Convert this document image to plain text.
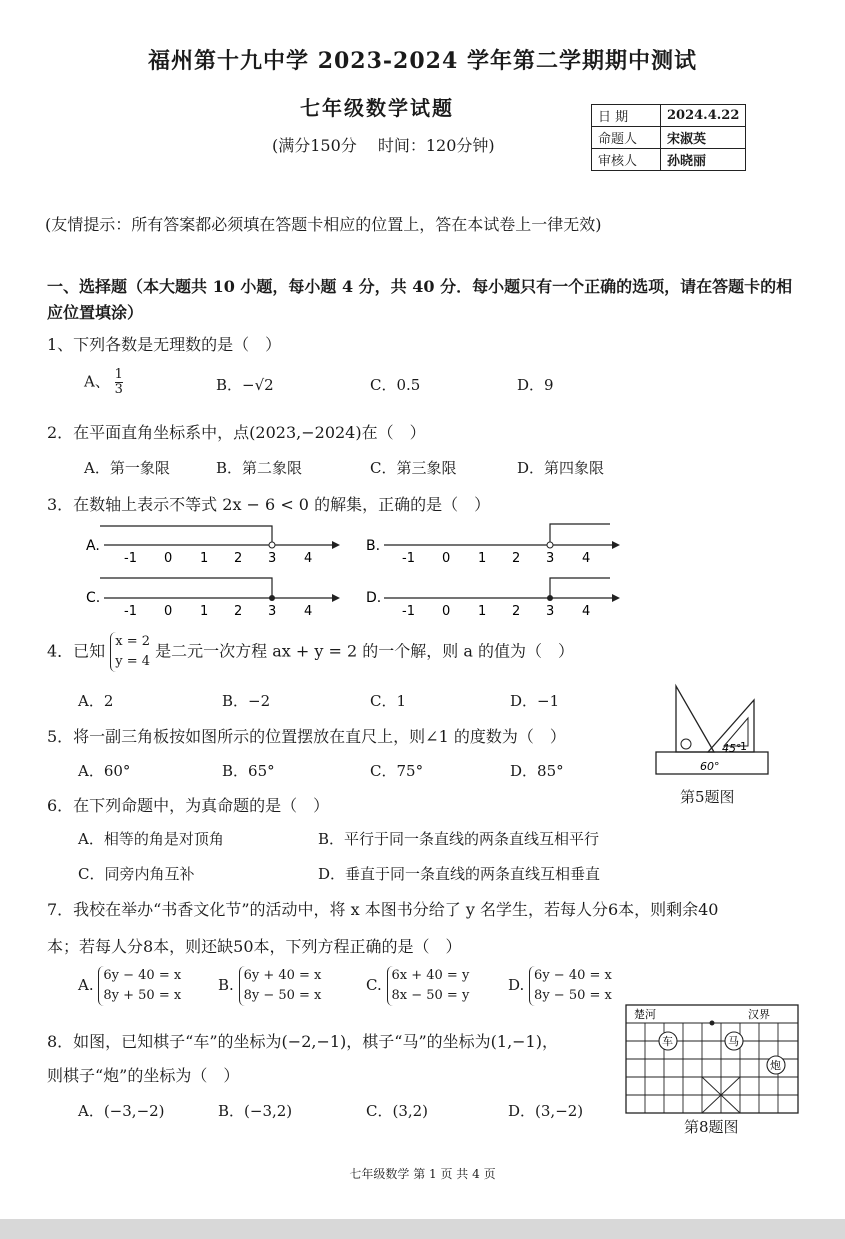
福州第十九中学 2023-2024 学年第二学期期中测试
七年级数学试题
(满分150分　 时间：120分钟)
日 期	2024.4.22
命题人	宋淑英
审核人	孙晓丽
(友情提示：所有答案都必须填在答题卡相应的位置上，答在本试卷上一律无效)
一、选择题（本大题共 10 小题，每小题 4 分，共 40 分．每小题只有一个正确的选项，请在答题卡的相应位置填涂）
1、下列各数是无理数的是（　）
A、 $\frac{1}{3}$	B．−√2	C．0.5	D．9
2．在平面直角坐标系中，点(2023,−2024)在（　）
A．第一象限	B．第二象限	C．第三象限	D．第四象限
3．在数轴上表示不等式 2x − 6 < 0 的解集，正确的是（　）
A.
-1 0 1 2 3 4
B.
-1 0 1 2 3 4
C.
-1 0 1 2 3 4
D.
-1 0 1 2 3 4
4．已知 x = 2
y = 4 是二元一次方程 ax + y = 2 的一个解，则 a 的值为（　）
A．2	B．−2	C．1	D．−1
5．将一副三角板按如图所示的位置摆放在直尺上，则∠1 的度数为（　）
A．60°	B．65°	C．75°	D．85°	60°
45°
1
第5题图
6．在下列命题中，为真命题的是（　）
A．相等的角是对顶角	B．平行于同一条直线的两条直线互相平行
C．同旁内角互补	D．垂直于同一条直线的两条直线互相垂直
7．我校在举办“书香文化节”的活动中，将 x 本图书分给了 y 名学生，若每人分6本，则剩余40
本；若每人分8本，则还缺50本，下列方程正确的是（　）
A. 6y − 40 = x
8y + 50 = x
B. 6y + 40 = x
8y − 50 = x
C. 6x + 40 = y
8x − 50 = y
D. 6y − 40 = x
8y − 50 = x
8．如图，已知棋子“车”的坐标为(−2,−1)，棋子“马”的坐标为(1,−1)，
则棋子“炮”的坐标为（　）
A．(−3,−2)	B．(−3,2)	C．(3,2)	D．(3,−2)
楚河	汉界
车	马
炮
第8题图
七年级数学 第 1 页 共 4 页
